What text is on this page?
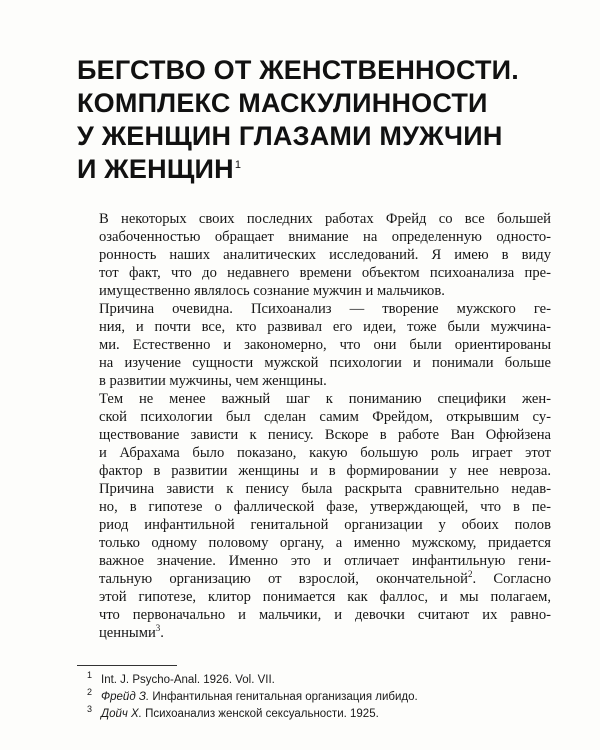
БЕГСТВО ОТ ЖЕНСТВЕННОСТИ.
КОМПЛЕКС МАСКУЛИННОСТИ
У ЖЕНЩИН ГЛАЗАМИ МУЖЧИН
И ЖЕНЩИН$^1$
В некоторых своих последних работах Фрейд со все большей
озабоченностью обращает внимание на определенную односто-
ронность наших аналитических исследований. Я имею в виду
тот факт, что до недавнего времени объектом психоанализа пре-
имущественно являлось сознание мужчин и мальчиков.
Причина очевидна. Психоанализ — творение мужского ге-
ния, и почти все, кто развивал его идеи, тоже были мужчина-
ми. Естественно и закономерно, что они были ориентированы
на изучение сущности мужской психологии и понимали больше
в развитии мужчины, чем женщины.
Тем не менее важный шаг к пониманию специфики жен-
ской психологии был сделан самим Фрейдом, открывшим су-
ществование зависти к пенису. Вскоре в работе Ван Офюйзена
и Абрахама было показано, какую большую роль играет этот
фактор в развитии женщины и в формировании у нее невроза.
Причина зависти к пенису была раскрыта сравнительно недав-
но, в гипотезе о фаллической фазе, утверждающей, что в пе-
риод инфантильной генитальной организации у обоих полов
только одному половому органу, а именно мужскому, придается
важное значение. Именно это и отличает инфантильную гени-
тальную организацию от взрослой, окончательной$^2$. Согласно
этой гипотезе, клитор понимается как фаллос, и мы полагаем,
что первоначально и мальчики, и девочки считают их равно-
ценными$^3$.
1 Int. J. Psycho-Anal. 1926. Vol. VII.
2 Фрейд З. Инфантильная генитальная организация либидо.
3 Дойч Х. Психоанализ женской сексуальности. 1925.
